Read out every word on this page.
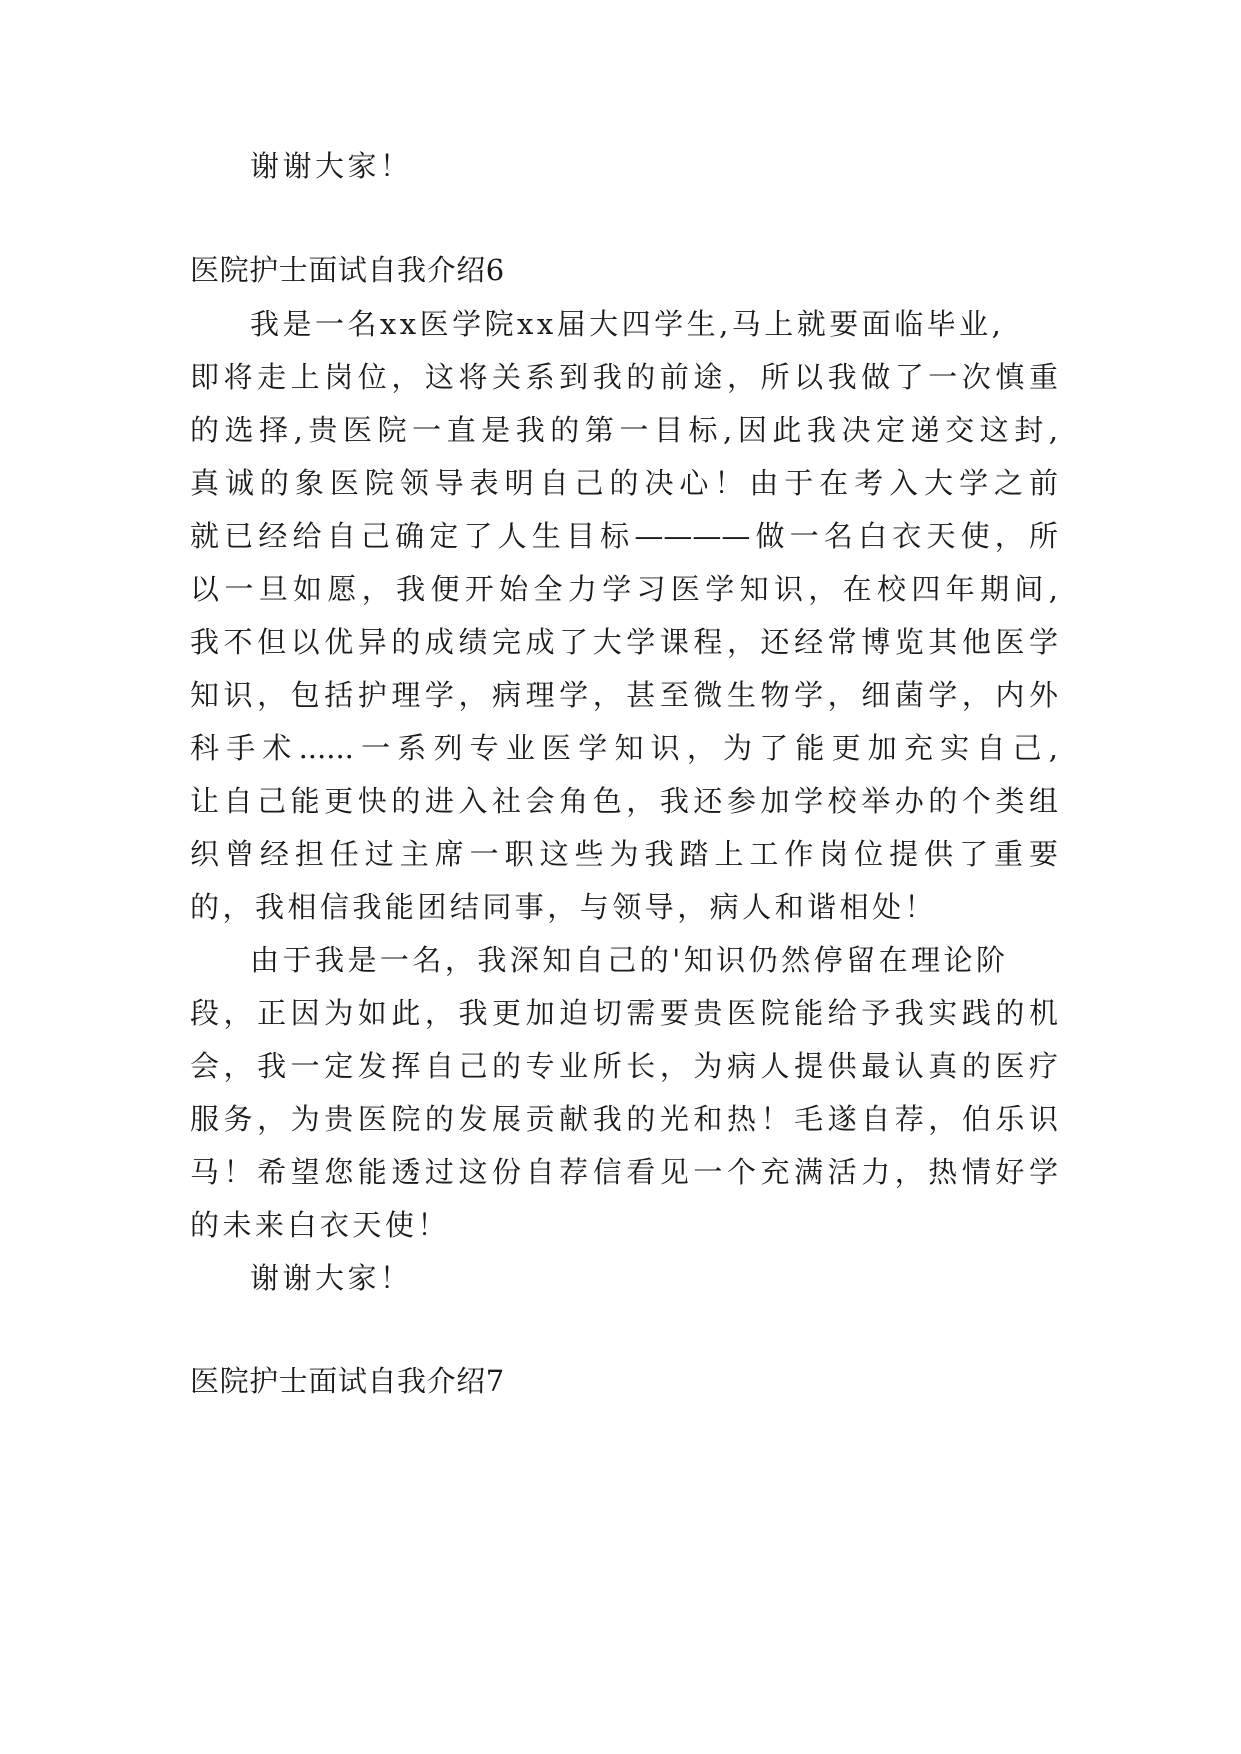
谢谢大家！
医院护士面试自我介绍6
我是一名xx医学院xx届大四学生,马上就要面临毕业,
即将走上岗位，这将关系到我的前途，所以我做了一次慎重
的选择,贵医院一直是我的第一目标,因此我决定递交这封,
真诚的象医院领导表明自己的决心！由于在考入大学之前
就已经给自己确定了人生目标————做一名白衣天使，所
以一旦如愿，我便开始全力学习医学知识，在校四年期间,
我不但以优异的成绩完成了大学课程，还经常博览其他医学
知识，包括护理学，病理学，甚至微生物学，细菌学，内外
科手术......一系列专业医学知识，为了能更加充实自己,
让自己能更快的进入社会角色，我还参加学校举办的个类组
织曾经担任过主席一职这些为我踏上工作岗位提供了重要
的，我相信我能团结同事，与领导，病人和谐相处！
由于我是一名，我深知自己的'知识仍然停留在理论阶
段，正因为如此，我更加迫切需要贵医院能给予我实践的机
会，我一定发挥自己的专业所长，为病人提供最认真的医疗
服务，为贵医院的发展贡献我的光和热！毛遂自荐，伯乐识
马！希望您能透过这份自荐信看见一个充满活力，热情好学
的未来白衣天使！
谢谢大家！
医院护士面试自我介绍7
